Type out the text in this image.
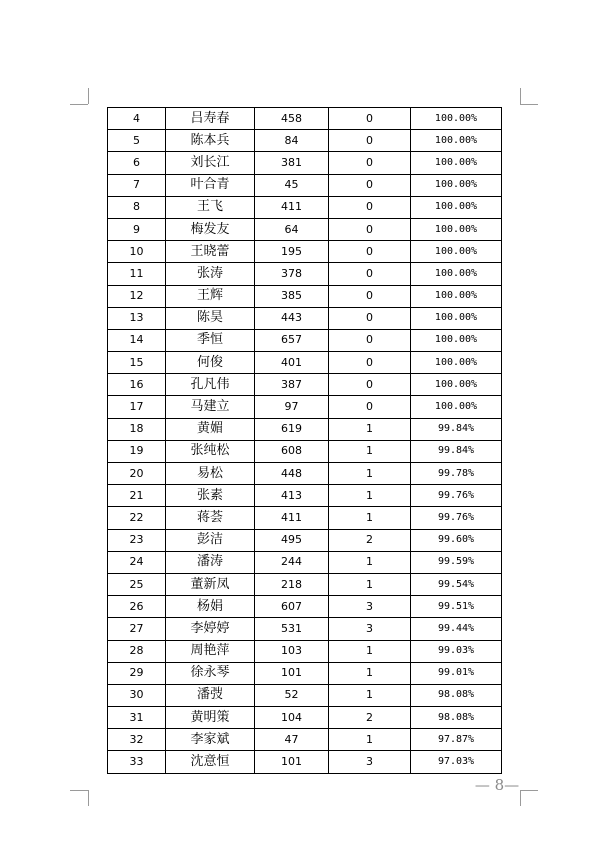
4	吕寿春	458	0	100.00%
5	陈本兵	84	0	100.00%
6	刘长江	381	0	100.00%
7	叶合青	45	0	100.00%
8	王飞	411	0	100.00%
9	梅发友	64	0	100.00%
10	王晓蕾	195	0	100.00%
11	张涛	378	0	100.00%
12	王辉	385	0	100.00%
13	陈昊	443	0	100.00%
14	季恒	657	0	100.00%
15	何俊	401	0	100.00%
16	孔凡伟	387	0	100.00%
17	马建立	97	0	100.00%
18	黄媚	619	1	99.84%
19	张纯松	608	1	99.84%
20	易松	448	1	99.78%
21	张素	413	1	99.76%
22	蒋荟	411	1	99.76%
23	彭洁	495	2	99.60%
24	潘涛	244	1	99.59%
25	董新凤	218	1	99.54%
26	杨娟	607	3	99.51%
27	李婷婷	531	3	99.44%
28	周艳萍	103	1	99.03%
29	徐永琴	101	1	99.01%
30	潘弢	52	1	98.08%
31	黄明策	104	2	98.08%
32	李家斌	47	1	97.87%
33	沈意恒	101	3	97.03%
— 8—
